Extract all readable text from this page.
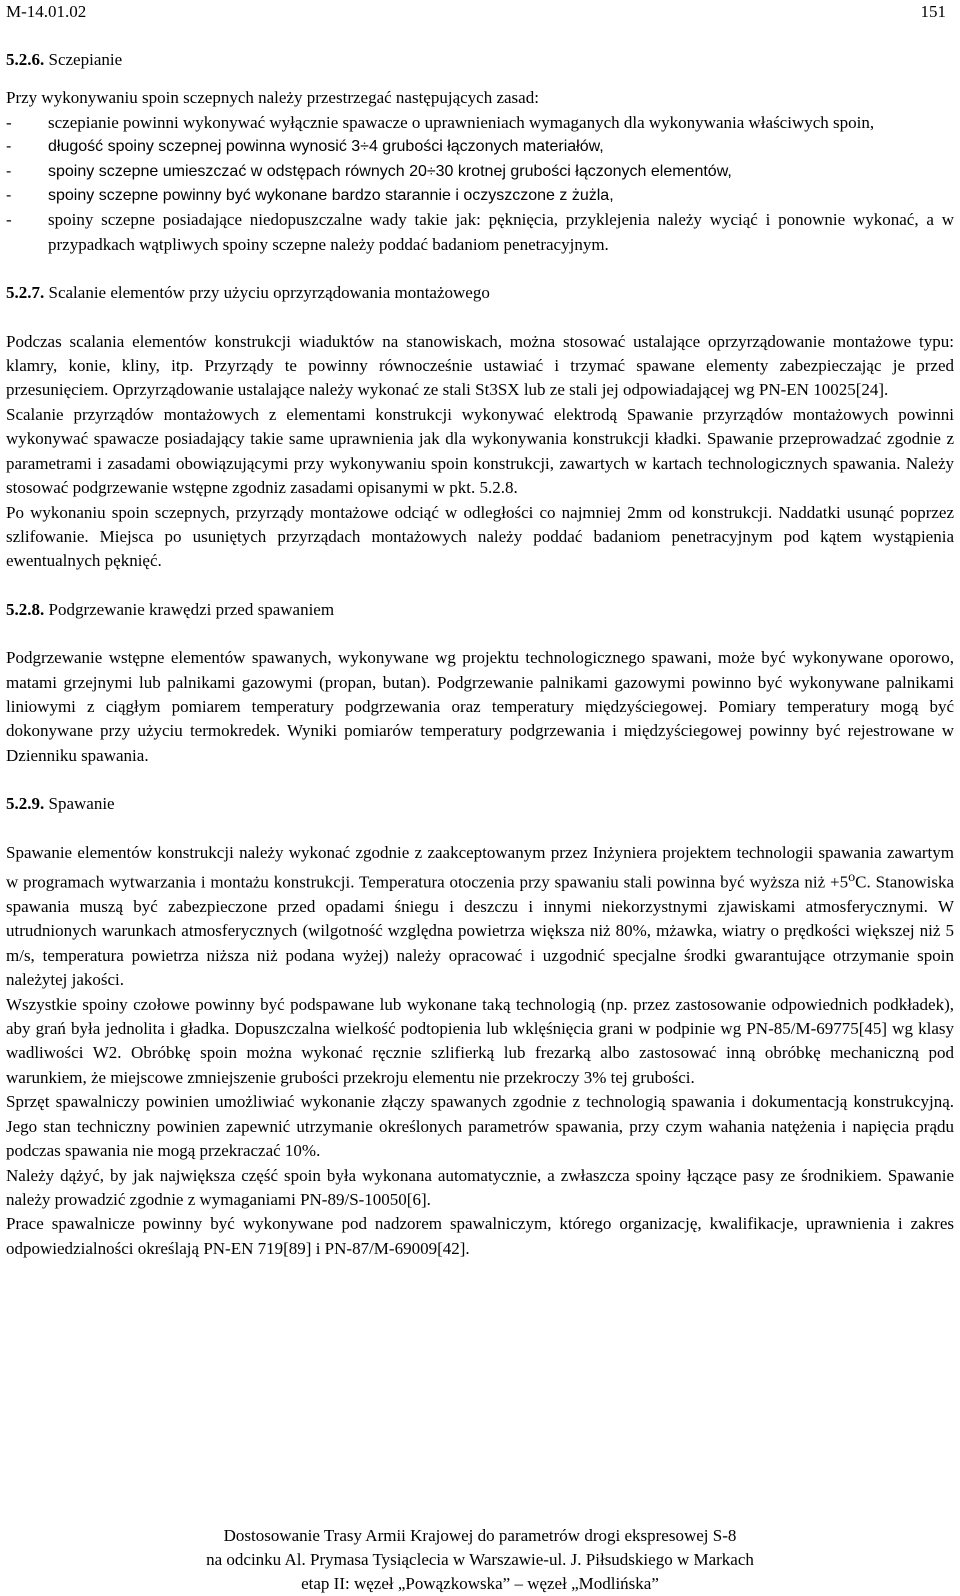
M-14.01.02	151

5.2.6. Sczepianie

Przy wykonywaniu spoin sczepnych należy przestrzegać następujących zasad:

- sczepianie powinni wykonywać wyłącznie spawacze o uprawnieniach wymaganych dla wykonywania właściwych spoin,
- długość spoiny sczepnej powinna wynosić 3÷4 grubości łączonych materiałów,
- spoiny sczepne umieszczać w odstępach równych 20÷30 krotnej grubości łączonych elementów,
- spoiny sczepne powinny być wykonane bardzo starannie i oczyszczone z żużla,
- spoiny sczepne posiadające niedopuszczalne wady takie jak: pęknięcia, przyklejenia należy wyciąć i ponownie wykonać, a w przypadkach wątpliwych spoiny sczepne należy poddać badaniom penetracyjnym.

5.2.7. Scalanie elementów przy użyciu oprzyrządowania montażowego

Podczas scalania elementów konstrukcji wiaduktów na stanowiskach, można stosować ustalające oprzyrządowanie montażowe typu: klamry, konie, kliny, itp. Przyrządy te powinny równocześnie ustawiać i trzymać spawane elementy zabezpieczając je przed przesunięciem. Oprzyrządowanie ustalające należy wykonać ze stali St3SX lub ze stali jej odpowiadającej wg PN-EN 10025[24].

Scalanie przyrządów montażowych z elementami konstrukcji wykonywać elektrodą Spawanie przyrządów montażowych powinni wykonywać spawacze posiadający takie same uprawnienia jak dla wykonywania konstrukcji kładki. Spawanie przeprowadzać zgodnie z parametrami i zasadami obowiązującymi przy wykonywaniu spoin konstrukcji, zawartych w kartach technologicznych spawania. Należy stosować podgrzewanie wstępne zgodniz zasadami opisanymi w pkt. 5.2.8.

Po wykonaniu spoin sczepnych, przyrządy montażowe odciąć w odległości co najmniej 2mm od konstrukcji. Naddatki usunąć poprzez szlifowanie. Miejsca po usuniętych przyrządach montażowych należy poddać badaniom penetracyjnym pod kątem wystąpienia ewentualnych pęknięć.

5.2.8. Podgrzewanie krawędzi przed spawaniem

Podgrzewanie wstępne elementów spawanych, wykonywane wg projektu technologicznego spawani, może być wykonywane oporowo, matami grzejnymi lub palnikami gazowymi (propan, butan). Podgrzewanie palnikami gazowymi powinno być wykonywane palnikami liniowymi z ciągłym pomiarem temperatury podgrzewania oraz temperatury międzyściegowej. Pomiary temperatury mogą być dokonywane przy użyciu termokredek. Wyniki pomiarów temperatury podgrzewania i międzyściegowej powinny być rejestrowane w Dzienniku spawania.

5.2.9. Spawanie

Spawanie elementów konstrukcji należy wykonać zgodnie z zaakceptowanym przez Inżyniera projektem technologii spawania zawartym w programach wytwarzania i montażu konstrukcji. Temperatura otoczenia przy spawaniu stali powinna być wyższa niż $+5^oC$. Stanowiska spawania muszą być zabezpieczone przed opadami śniegu i deszczu i innymi niekorzystnymi zjawiskami atmosferycznymi. W utrudnionych warunkach atmosferycznych (wilgotność względna powietrza większa niż 80%, mżawka, wiatry o prędkości większej niż 5 m/s, temperatura powietrza niższa niż podana wyżej) należy opracować i uzgodnić specjalne środki gwarantujące otrzymanie spoin należytej jakości.

Wszystkie spoiny czołowe powinny być podspawane lub wykonane taką technologią (np. przez zastosowanie odpowiednich podkładek), aby grań była jednolita i gładka. Dopuszczalna wielkość podtopienia lub wklęśnięcia grani w podpinie wg PN-85/M-69775[45] wg klasy wadliwości W2. Obróbkę spoin można wykonać ręcznie szlifierką lub frezarką albo zastosować inną obróbkę mechaniczną pod warunkiem, że miejscowe zmniejszenie grubości przekroju elementu nie przekroczy 3% tej grubości.

Sprzęt spawalniczy powinien umożliwiać wykonanie złączy spawanych zgodnie z technologią spawania i dokumentacją konstrukcyjną. Jego stan techniczny powinien zapewnić utrzymanie określonych parametrów spawania, przy czym wahania natężenia i napięcia prądu podczas spawania nie mogą przekraczać 10%.

Należy dążyć, by jak największa część spoin była wykonana automatycznie, a zwłaszcza spoiny łączące pasy ze środnikiem. Spawanie należy prowadzić zgodnie z wymaganiami PN-89/S-10050[6].

Prace spawalnicze powinny być wykonywane pod nadzorem spawalniczym, którego organizację, kwalifikacje, uprawnienia i zakres odpowiedzialności określają PN-EN 719[89] i PN-87/M-69009[42].

Dostosowanie Trasy Armii Krajowej do parametrów drogi ekspresowej S-8
na odcinku Al. Prymasa Tysiąclecia w Warszawie-ul. J. Piłsudskiego w Markach
etap II: węzeł „Powązkowska” – węzeł „Modlińska”
